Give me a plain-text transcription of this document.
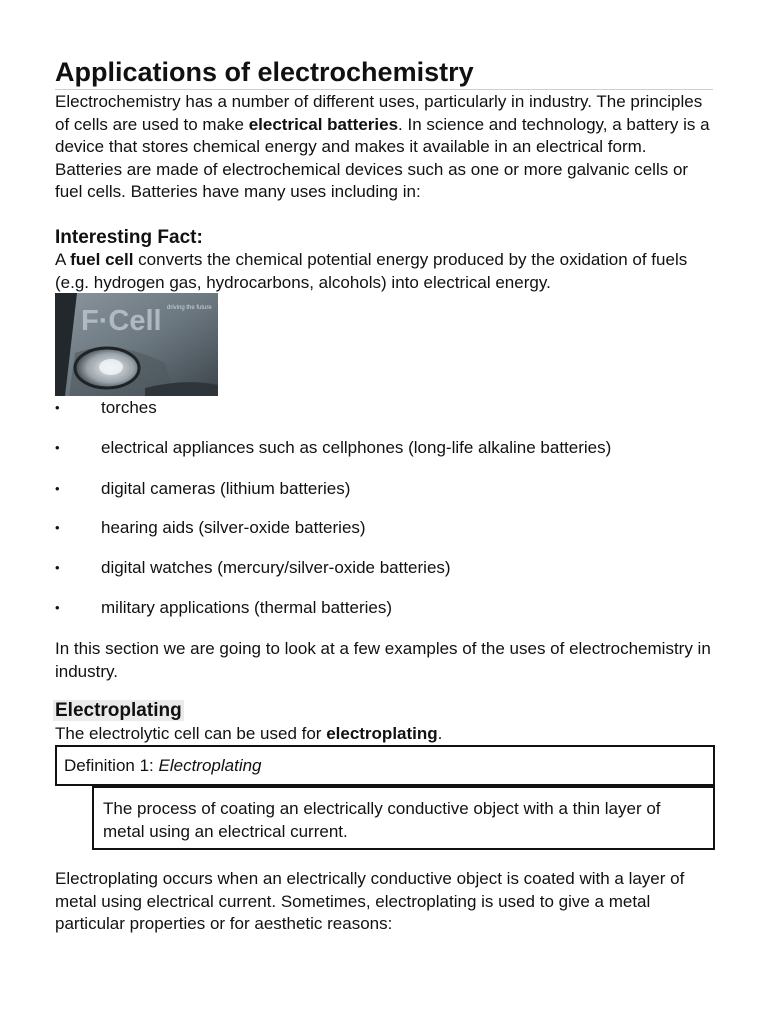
Applications of electrochemistry
Electrochemistry has a number of different uses, particularly in industry. The principles of cells are used to make electrical batteries. In science and technology, a battery is a device that stores chemical energy and makes it available in an electrical form. Batteries are made of electrochemical devices such as one or more galvanic cells or fuel cells. Batteries have many uses including in:
Interesting Fact:
A fuel cell converts the chemical potential energy produced by the oxidation of fuels (e.g. hydrogen gas, hydrocarbons, alcohols) into electrical energy.
F·Cell driving the future
•	torches
•	electrical appliances such as cellphones (long-life alkaline batteries)
•	digital cameras (lithium batteries)
•	hearing aids (silver-oxide batteries)
•	digital watches (mercury/silver-oxide batteries)
•	military applications (thermal batteries)
In this section we are going to look at a few examples of the uses of electrochemistry in industry.
Electroplating
The electrolytic cell can be used for electroplating.
Definition 1: Electroplating
The process of coating an electrically conductive object with a thin layer of metal using an electrical current.
Electroplating occurs when an electrically conductive object is coated with a layer of metal using electrical current. Sometimes, electroplating is used to give a metal particular properties or for aesthetic reasons:
